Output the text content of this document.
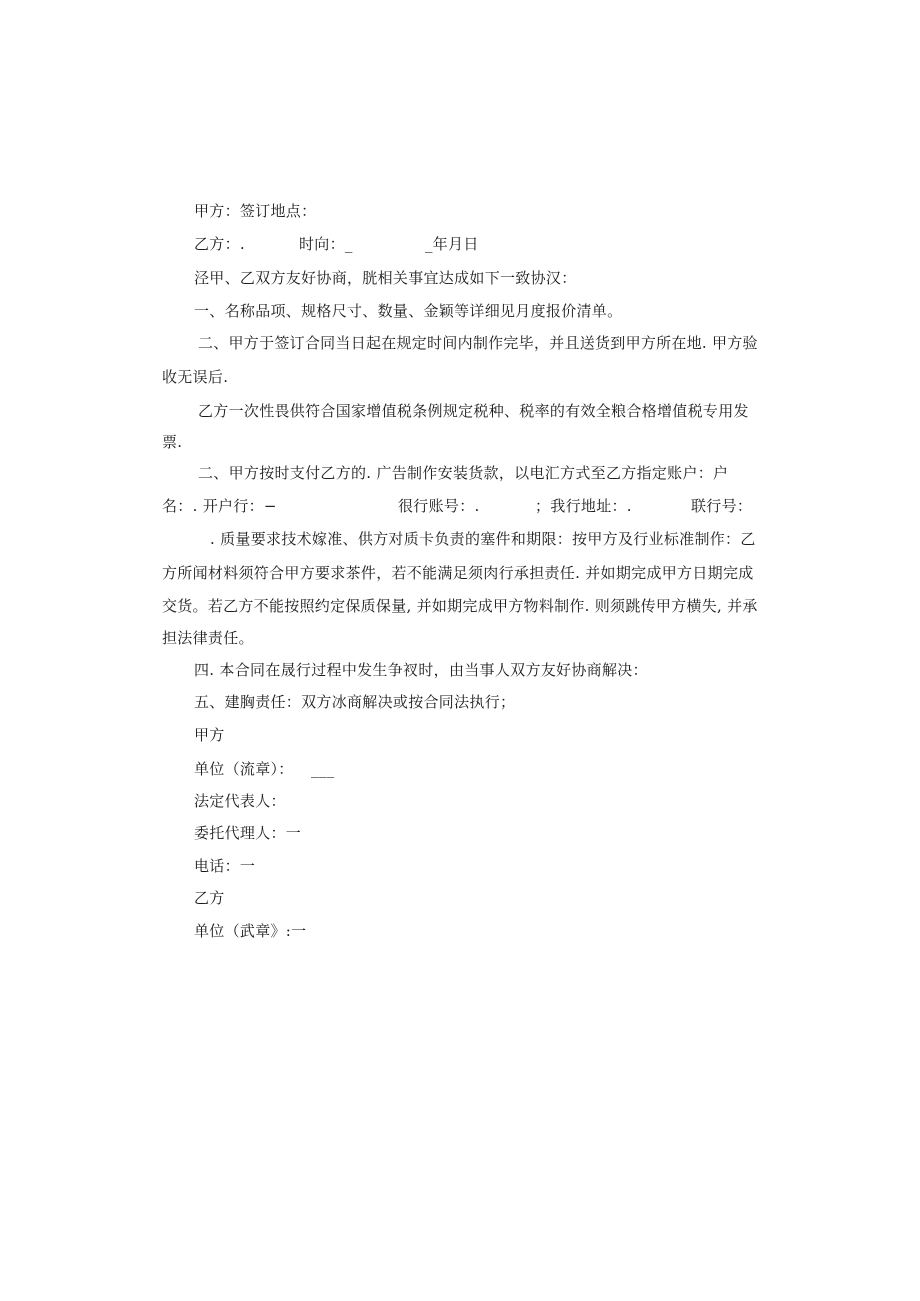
甲方：签订地点：
乙方：.	时向：_	_年月日
泾甲、乙双方友好协商，胱相关事宜达成如下一致协汉：
一、名称品项、规格尺寸、数量、金颖等详细见月度报价清单。
二、甲方于签订合同当日起在规定时间内制作完毕，并且送货到甲方所在地. 甲方验
收无误后.
乙方一次性畏供符合国家增值税条例规定税种、税率的有效全粮合格增值税专用发
票.
二、甲方按时支付乙方的. 广告制作安装货款，以电汇方式至乙方指定账户：户
名：. 开户行：−	很行账号：.	；我行地址：.	联行号：
. 质量要求技术嫁准、供方对质卡负责的塞件和期限：按甲方及行业标准制作：乙
方所闻材料须符合甲方要求茶件，若不能满足须肉行承担责任. 并如期完成甲方日期完成
交货。若乙方不能按照约定保质保量, 并如期完成甲方物料制作. 则须跳传甲方横失, 并承
担法律责任。
四. 本合同在晟行过程中发生争衩时，由当事人双方友好协商解决：
五、建胸责任：双方冰商解决或按合同法执行；
甲方
单位（流章）： ___
法定代表人：
委托代理人：一
电话：一
乙方
单位（武章》:一
